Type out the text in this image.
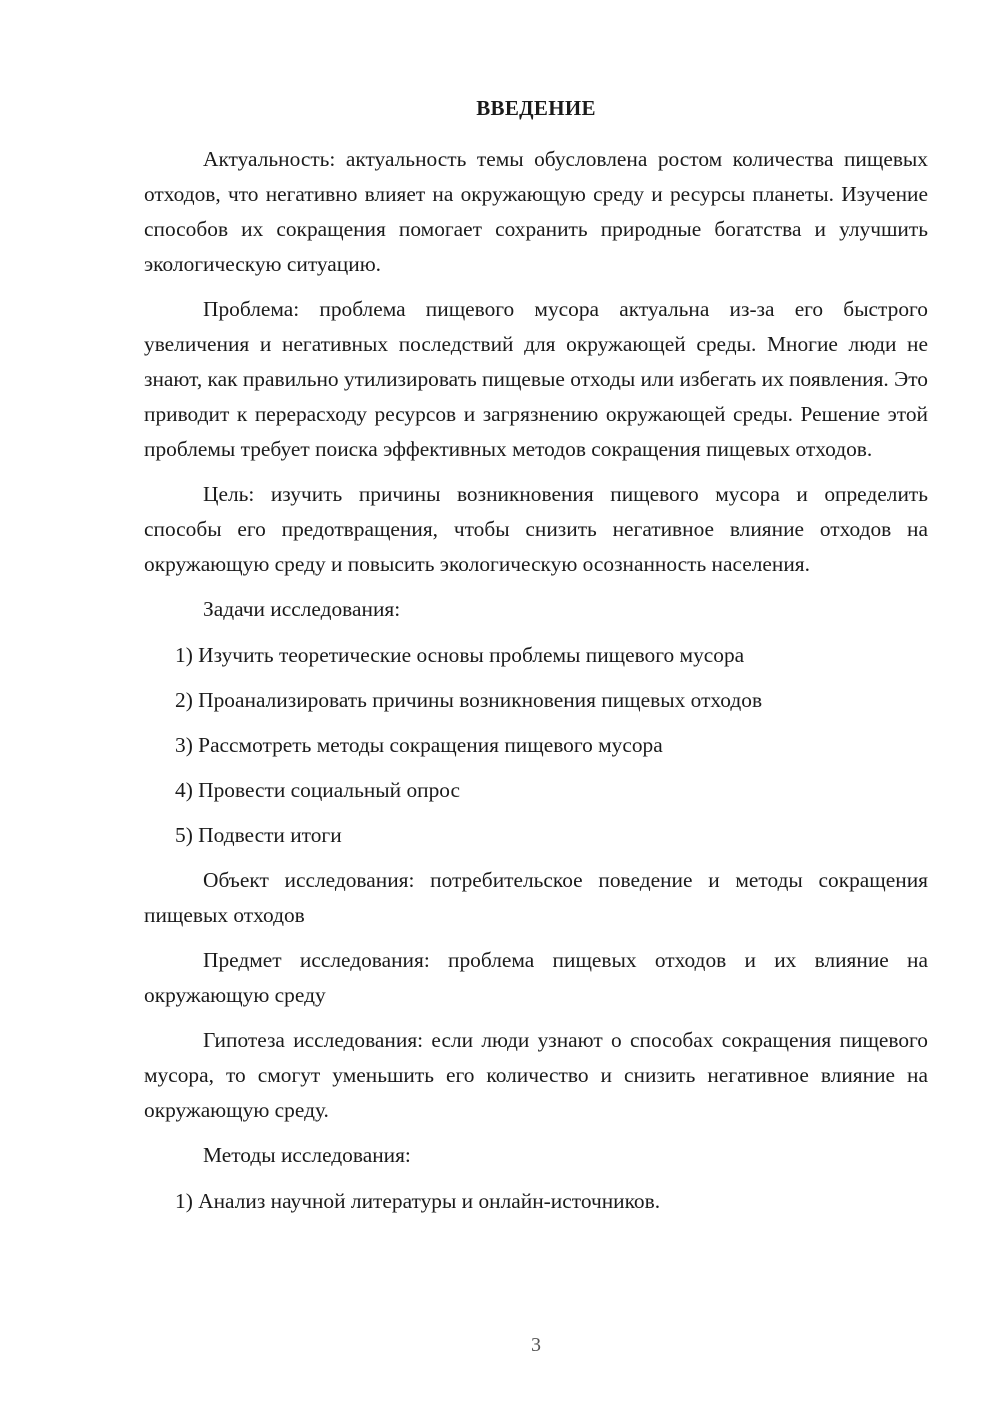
ВВЕДЕНИЕ

Актуальность: актуальность темы обусловлена ростом количества пищевых отходов, что негативно влияет на окружающую среду и ресурсы планеты. Изучение способов их сокращения помогает сохранить природные богатства и улучшить экологическую ситуацию.

Проблема: проблема пищевого мусора актуальна из-за его быстрого увеличения и негативных последствий для окружающей среды. Многие люди не знают, как правильно утилизировать пищевые отходы или избегать их появления. Это приводит к перерасходу ресурсов и загрязнению окружающей среды. Решение этой проблемы требует поиска эффективных методов сокращения пищевых отходов.

Цель: изучить причины возникновения пищевого мусора и определить способы его предотвращения, чтобы снизить негативное влияние отходов на окружающую среду и повысить экологическую осознанность населения.

Задачи исследования:

1) Изучить теоретические основы проблемы пищевого мусора
2) Проанализировать причины возникновения пищевых отходов
3) Рассмотреть методы сокращения пищевого мусора
4) Провести социальный опрос
5) Подвести итоги

Объект исследования: потребительское поведение и методы сокращения пищевых отходов

Предмет исследования: проблема пищевых отходов и их влияние на окружающую среду

Гипотеза исследования: если люди узнают о способах сокращения пищевого мусора, то смогут уменьшить его количество и снизить негативное влияние на окружающую среду.

Методы исследования:

1) Анализ научной литературы и онлайн-источников.
3
